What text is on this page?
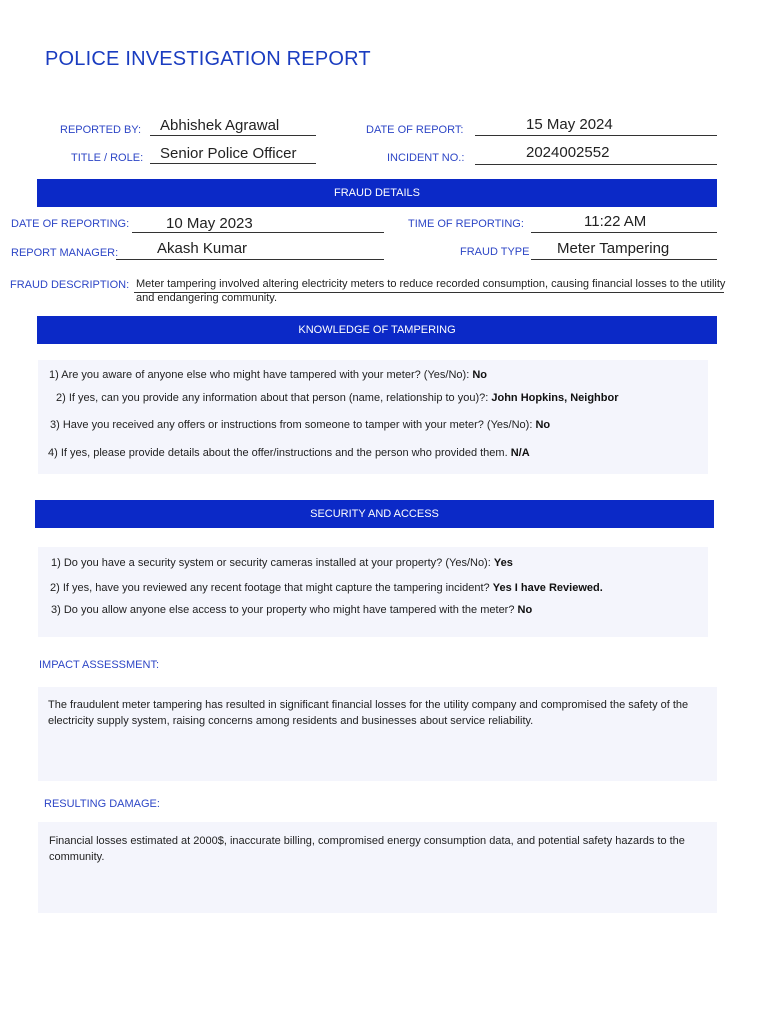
POLICE INVESTIGATION REPORT
REPORTED BY: Abhishek Agrawal	DATE OF REPORT:	15 May 2024
TITLE / ROLE: Senior Police Officer	INCIDENT NO.:	2024002552
FRAUD DETAILS
DATE OF REPORTING: 10 May 2023	TIME OF REPORTING:	11:22 AM
REPORT MANAGER:	Akash Kumar	FRAUD TYPE Meter Tampering
FRAUD DESCRIPTION: Meter tampering involved altering electricity meters to reduce recorded consumption, causing financial losses to the utility and endangering community.
KNOWLEDGE OF TAMPERING
1) Are you aware of anyone else who might have tampered with your meter? (Yes/No): No
2) If yes, can you provide any information about that person (name, relationship to you)?: John Hopkins, Neighbor
3) Have you received any offers or instructions from someone to tamper with your meter? (Yes/No): No
4) If yes, please provide details about the offer/instructions and the person who provided them. N/A
SECURITY AND ACCESS
1) Do you have a security system or security cameras installed at your property? (Yes/No): Yes
2) If yes, have you reviewed any recent footage that might capture the tampering incident? Yes I have Reviewed.
3) Do you allow anyone else access to your property who might have tampered with the meter? No
IMPACT ASSESSMENT:
The fraudulent meter tampering has resulted in significant financial losses for the utility company and compromised the safety of the electricity supply system, raising concerns among residents and businesses about service reliability.
RESULTING DAMAGE:
Financial losses estimated at 2000$, inaccurate billing, compromised energy consumption data, and potential safety hazards to the community.
